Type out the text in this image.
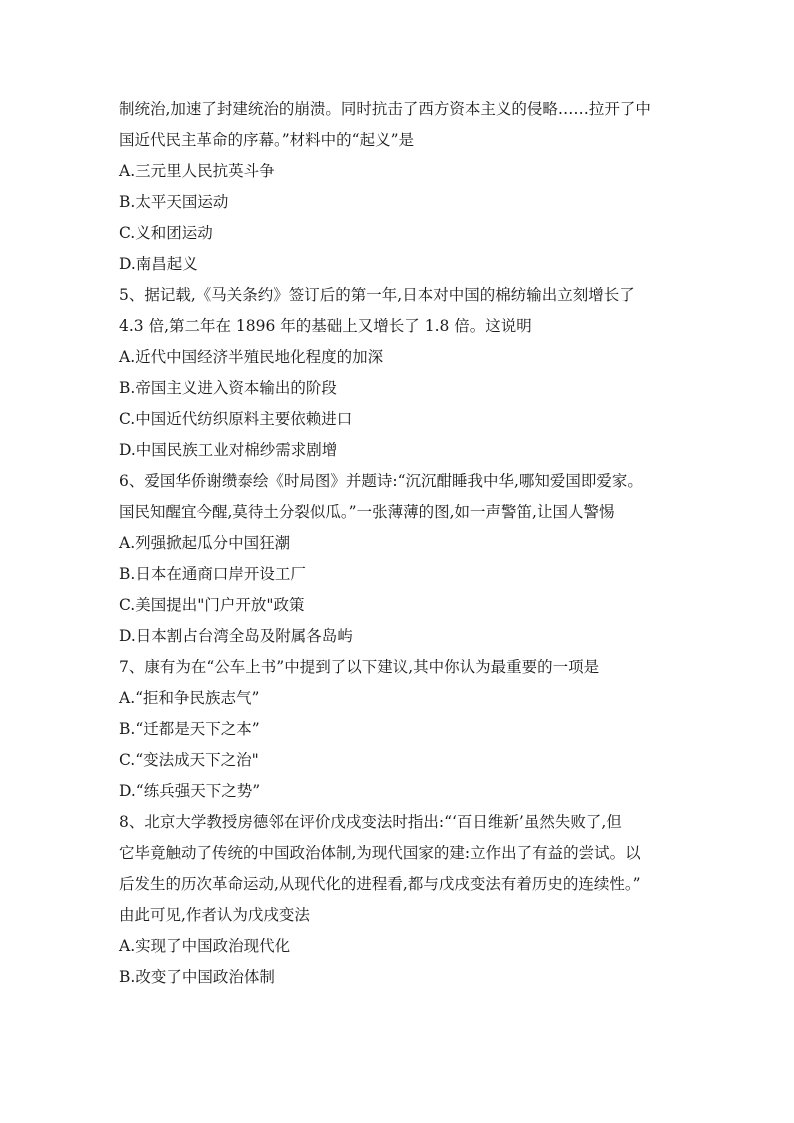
制统治,加速了封建统治的崩溃。同时抗击了西方资本主义的侵略……拉开了中
国近代民主革命的序幕。”材料中的“起义”是
A.三元里人民抗英斗争
B.太平天国运动
C.义和团运动
D.南昌起义
5、据记载,《马关条约》签订后的第一年,日本对中国的棉纺输出立刻增长了
4.3 倍,第二年在 1896 年的基础上又增长了 1.8 倍。这说明
A.近代中国经济半殖民地化程度的加深
B.帝国主义进入资本输出的阶段
C.中国近代纺织原料主要依赖进口
D.中国民族工业对棉纱需求剧增
6、爱国华侨谢缵泰绘《时局图》并题诗:“沉沉酣睡我中华,哪知爱国即爱家。
国民知醒宜今醒,莫待土分裂似瓜。”一张薄薄的图,如一声警笛,让国人警惕
A.列强掀起瓜分中国狂潮
B.日本在通商口岸开设工厂
C.美国提出"门户开放"政策
D.日本割占台湾全岛及附属各岛屿
7、康有为在“公车上书”中提到了以下建议,其中你认为最重要的一项是
A.“拒和争民族志气”
B.“迁都是天下之本”
C.“变法成天下之治"
D.“练兵强天下之势”
8、北京大学教授房德邻在评价戊戌变法时指出:“‘百日维新’虽然失败了,但
它毕竟触动了传统的中国政治体制,为现代国家的建:立作出了有益的尝试。以
后发生的历次革命运动,从现代化的进程看,都与戊戌变法有着历史的连续性。”
由此可见,作者认为戊戌变法
A.实现了中国政治现代化
B.改变了中国政治体制
